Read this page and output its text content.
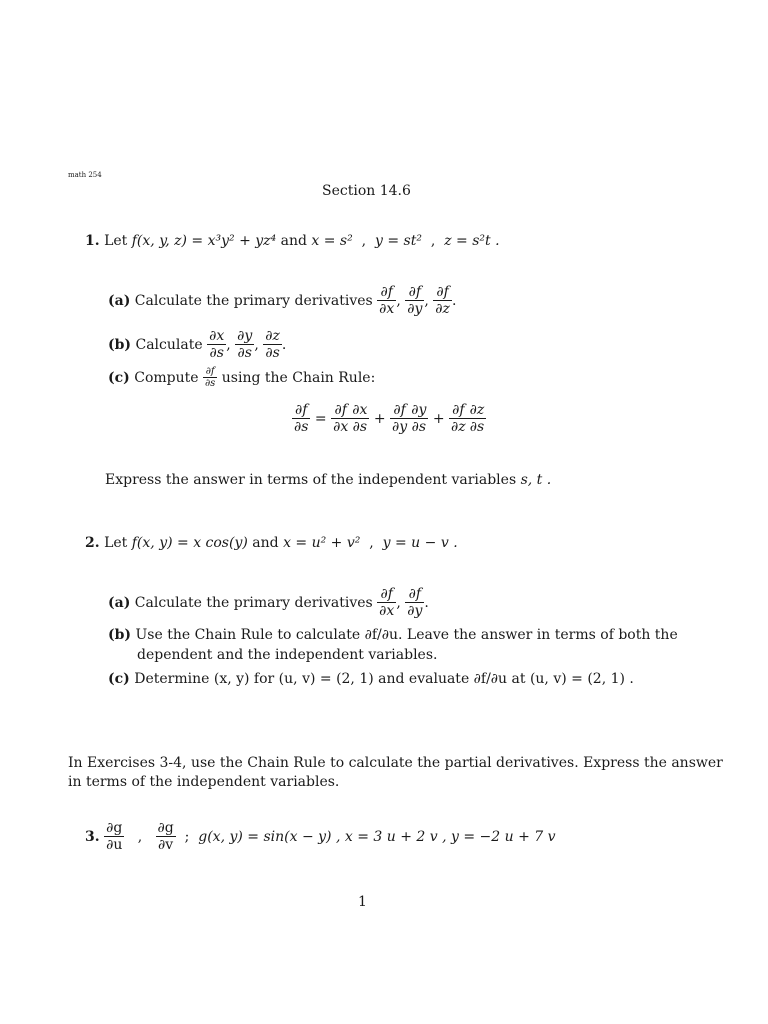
math 254
Section 14.6
1. Let f(x, y, z) = x³y² + yz⁴ and x = s² , y = st² , z = s²t .
(a) Calculate the primary derivatives $\frac{\partial f}{\partial x}$ , $\frac{\partial f}{\partial y}$ , $\frac{\partial f}{\partial z}$ .
(b) Calculate $\frac{\partial x}{\partial s}$ , $\frac{\partial y}{\partial s}$ , $\frac{\partial z}{\partial s}$ .
(c) Compute $\frac{\partial f}{\partial s}$ using the Chain Rule:
$\frac{\partial f}{\partial s} = \frac{\partial f}{\partial x} \frac{\partial x}{\partial s} + \frac{\partial f}{\partial y} \frac{\partial y}{\partial s} + \frac{\partial f}{\partial z} \frac{\partial z}{\partial s}$
Express the answer in terms of the independent variables s, t .
2. Let f(x, y) = x cos(y) and x = u² + v² , y = u − v .
(a) Calculate the primary derivatives $\frac{\partial f}{\partial x}$ , $\frac{\partial f}{\partial y}$ .
(b) Use the Chain Rule to calculate ∂f/∂u. Leave the answer in terms of both the
dependent and the independent variables.
(c) Determine (x, y) for (u, v) = (2, 1) and evaluate ∂f/∂u at (u, v) = (2, 1) .
In Exercises 3-4, use the Chain Rule to calculate the partial derivatives. Express the answer
in terms of the independent variables.
3. $\frac{\partial g}{\partial u}$ , $\frac{\partial g}{\partial v}$ ; g(x, y) = sin(x − y) , x = 3 u + 2 v , y = −2 u + 7 v
1
